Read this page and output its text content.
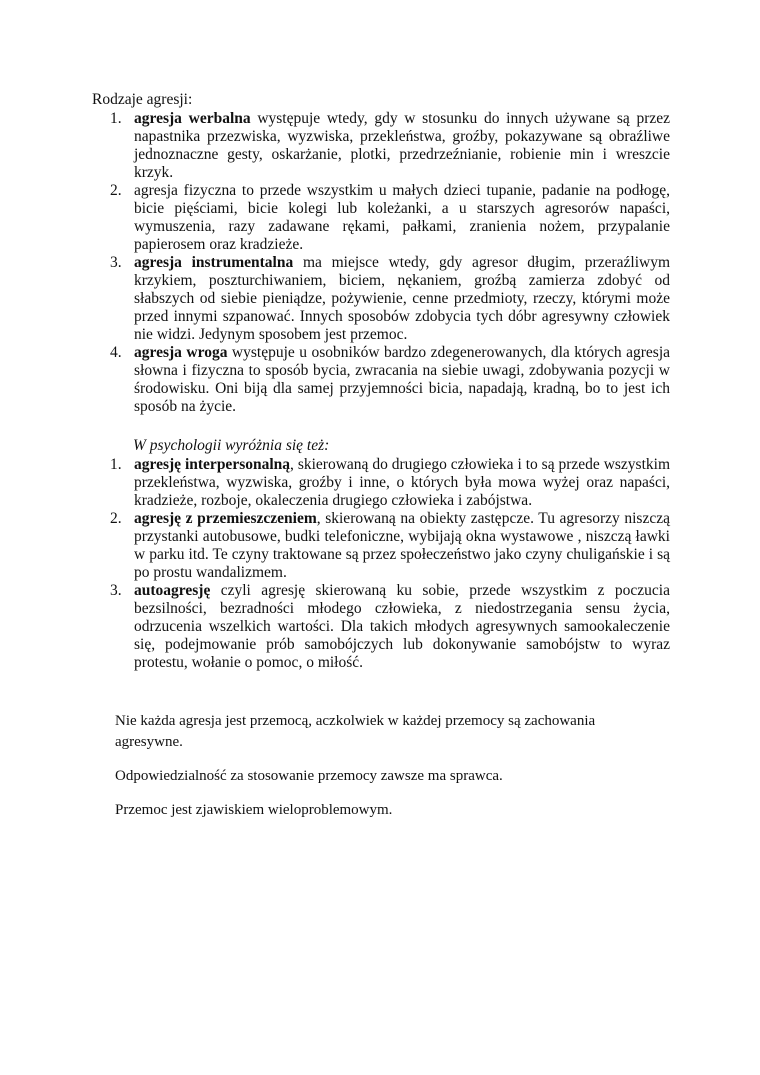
Rodzaje agresji:
1. agresja werbalna występuje wtedy, gdy w stosunku do innych używane są przez napastnika przezwiska, wyzwiska, przekleństwa, groźby, pokazywane są obraźliwe jednoznaczne gesty, oskarżanie, plotki, przedrzeźnianie, robienie min i wreszcie krzyk.
2. agresja fizyczna to przede wszystkim u małych dzieci tupanie, padanie na podłogę, bicie pięściami, bicie kolegi lub koleżanki, a u starszych agresorów napaści, wymuszenia, razy zadawane rękami, pałkami, zranienia nożem, przypalanie papierosem oraz kradzieże.
3. agresja instrumentalna ma miejsce wtedy, gdy agresor długim, przeraźliwym krzykiem, poszturchiwaniem, biciem, nękaniem, groźbą zamierza zdobyć od słabszych od siebie pieniądze, pożywienie, cenne przedmioty, rzeczy, którymi może przed innymi szpanować. Innych sposobów zdobycia tych dóbr agresywny człowiek nie widzi. Jedynym sposobem jest przemoc.
4. agresja wroga występuje u osobników bardzo zdegenerowanych, dla których agresja słowna i fizyczna to sposób bycia, zwracania na siebie uwagi, zdobywania pozycji w środowisku. Oni biją dla samej przyjemności bicia, napadają, kradną, bo to jest ich sposób na życie.
W psychologii wyróżnia się też:
1. agresję interpersonalną, skierowaną do drugiego człowieka i to są przede wszystkim przekleństwa, wyzwiska, groźby i inne, o których była mowa wyżej oraz napaści, kradzieże, rozboje, okaleczenia drugiego człowieka i zabójstwa.
2. agresję z przemieszczeniem, skierowaną na obiekty zastępcze. Tu agresorzy niszczą przystanki autobusowe, budki telefoniczne, wybijają okna wystawowe , niszczą ławki w parku itd. Te czyny traktowane są przez społeczeństwo jako czyny chuligańskie i są po prostu wandalizmem.
3. autoagresję czyli agresję skierowaną ku sobie, przede wszystkim z poczucia bezsilności, bezradności młodego człowieka, z niedostrzegania sensu życia, odrzucenia wszelkich wartości. Dla takich młodych agresywnych samookaleczenie się, podejmowanie prób samobójczych lub dokonywanie samobójstw to wyraz protestu, wołanie o pomoc, o miłość.

Nie każda agresja jest przemocą, aczkolwiek w każdej przemocy są zachowania agresywne.

Odpowiedzialność za stosowanie przemocy zawsze ma sprawca.

Przemoc jest zjawiskiem wieloproblemowym.
